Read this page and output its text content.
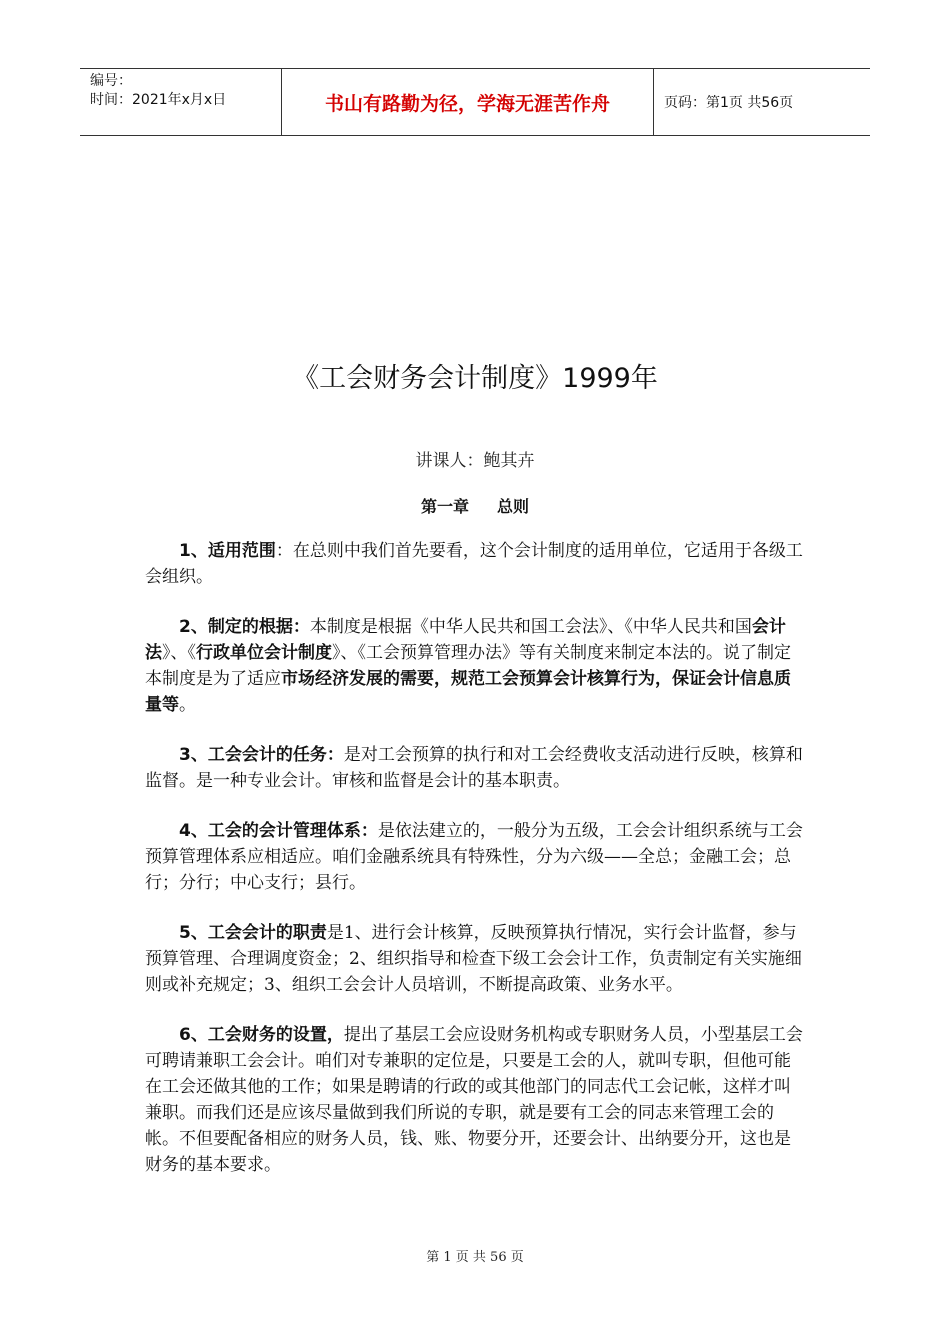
编号：
时间：2021年x月x日	书山有路勤为径，学海无涯苦作舟	页码：第1页 共56页
《工会财务会计制度》1999年
讲课人：鲍其卉
第一章 总则

1、适用范围：在总则中我们首先要看，这个会计制度的适用单位，它适用于各级工会组织。

2、制定的根据：本制度是根据《中华人民共和国工会法》、《中华人民共和国会计法》、《行政单位会计制度》、《工会预算管理办法》等有关制度来制定本法的。说了制定本制度是为了适应市场经济发展的需要，规范工会预算会计核算行为，保证会计信息质量等。

3、工会会计的任务：是对工会预算的执行和对工会经费收支活动进行反映，核算和监督。是一种专业会计。审核和监督是会计的基本职责。

4、工会的会计管理体系：是依法建立的，一般分为五级，工会会计组织系统与工会预算管理体系应相适应。咱们金融系统具有特殊性，分为六级——全总；金融工会；总行；分行；中心支行；县行。

5、工会会计的职责是1、进行会计核算，反映预算执行情况，实行会计监督，参与预算管理、合理调度资金；2、组织指导和检查下级工会会计工作，负责制定有关实施细则或补充规定；3、组织工会会计人员培训，不断提高政策、业务水平。

6、工会财务的设置，提出了基层工会应设财务机构或专职财务人员，小型基层工会可聘请兼职工会会计。咱们对专兼职的定位是，只要是工会的人，就叫专职，但他可能在工会还做其他的工作；如果是聘请的行政的或其他部门的同志代工会记帐，这样才叫兼职。而我们还是应该尽量做到我们所说的专职，就是要有工会的同志来管理工会的帐。不但要配备相应的财务人员，钱、账、物要分开，还要会计、出纳要分开，这也是财务的基本要求。

第 1 页 共 56 页
